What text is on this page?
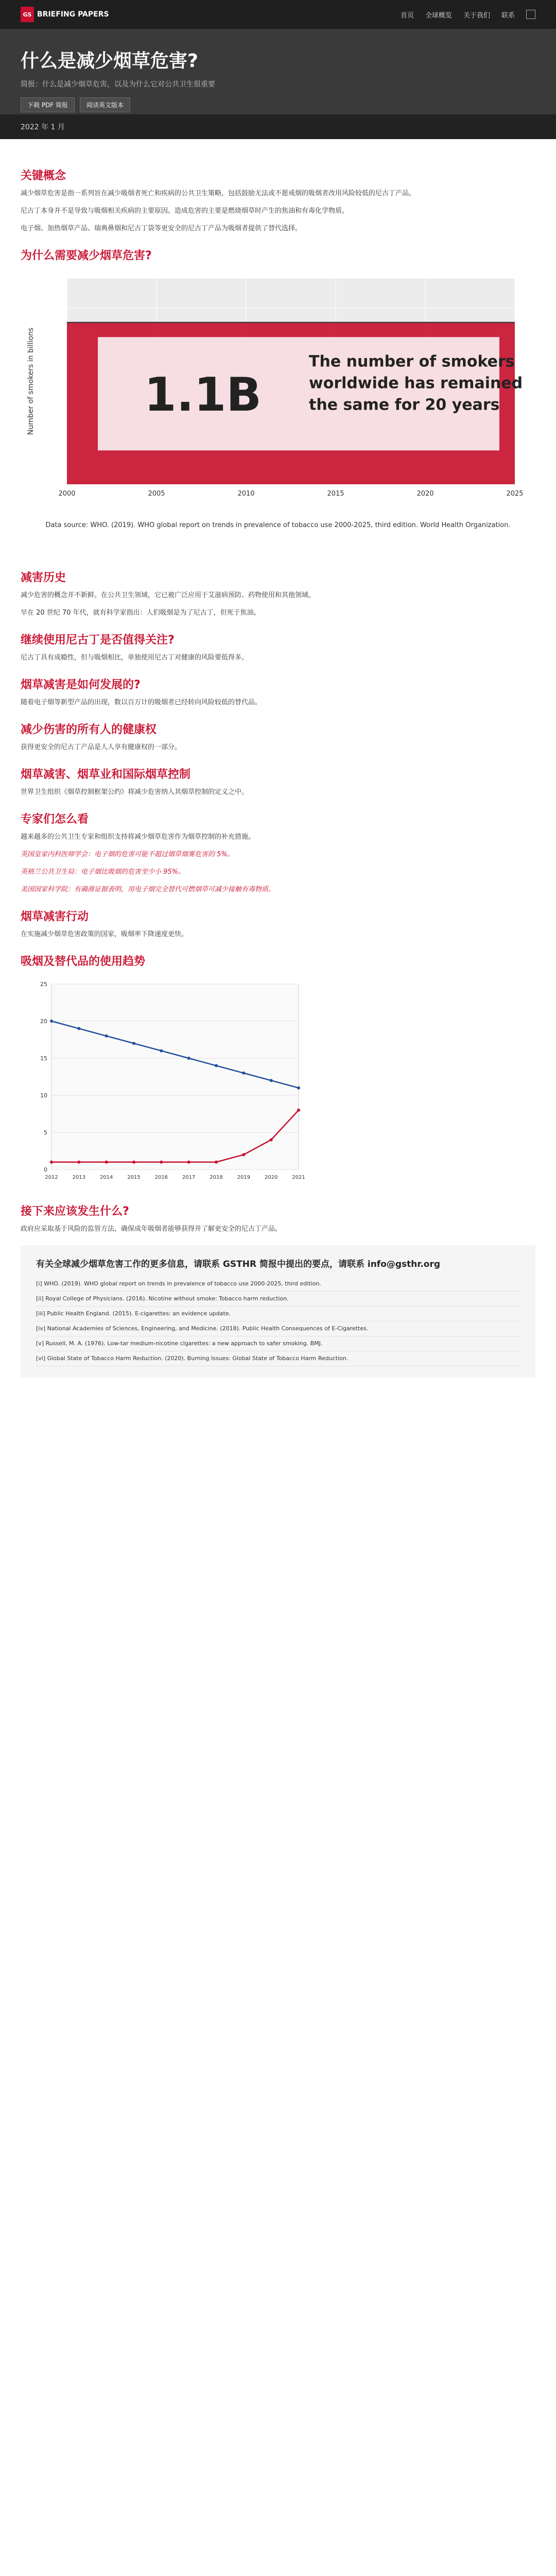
GS BRIEFING PAPERS	首页 全球概览 关于我们 联系
什么是减少烟草危害?
简报：什么是减少烟草危害，以及为什么它对公共卫生很重要
下载 PDF 简报	阅读英文版本
2022 年 1 月
关键概念

减少烟草危害是指一系列旨在减少吸烟者死亡和疾病的公共卫生策略，包括鼓励无法或不愿戒烟的吸烟者改用风险较低的尼古丁产品。

尼古丁本身并不是导致与吸烟相关疾病的主要原因。造成危害的主要是燃烧烟草时产生的焦油和有毒化学物质。

电子烟、加热烟草产品、瑞典鼻烟和尼古丁袋等更安全的尼古丁产品为吸烟者提供了替代选择。

为什么需要减少烟草危害?
2000	2005	2010	2015	2020	2025
Number of smokers in billions 1.1B
The number of smokers
worldwide has remained
the same for 20 years
Data source: WHO. (2019). WHO global report on trends in prevalence of tobacco use 2000-2025, third edition. World Health Organization.
减害历史

减少危害的概念并不新鲜。在公共卫生领域，它已被广泛应用于艾滋病预防、药物使用和其他领域。

早在 20 世纪 70 年代，就有科学家指出：人们吸烟是为了尼古丁，但死于焦油。

继续使用尼古丁是否值得关注?

尼古丁具有成瘾性，但与吸烟相比，单独使用尼古丁对健康的风险要低得多。

烟草减害是如何发展的?

随着电子烟等新型产品的出现，数以百万计的吸烟者已经转向风险较低的替代品。

减少伤害的所有人的健康权

获得更安全的尼古丁产品是人人享有健康权的一部分。

烟草减害、烟草业和国际烟草控制

世界卫生组织《烟草控制框架公约》将减少危害纳入其烟草控制的定义之中。

专家们怎么看

越来越多的公共卫生专家和组织支持将减少烟草危害作为烟草控制的补充措施。

英国皇家内科医师学会：电子烟的危害可能不超过烟草烟雾危害的 5%。

英格兰公共卫生局：电子烟比吸烟的危害至少小 95%。

美国国家科学院：有确凿证据表明，用电子烟完全替代可燃烟草可减少接触有毒物质。

烟草减害行动

在实施减少烟草危害政策的国家，吸烟率下降速度更快。

吸烟及替代品的使用趋势
0
5
10
15
20
25
2012	2013	2014	2015	2016	2017	2018	2019	2020	2021
接下来应该发生什么?

政府应采取基于风险的监管方法，确保成年吸烟者能够获得并了解更安全的尼古丁产品。

有关全球减少烟草危害工作的更多信息，请联系 GSTHR 简报中提出的要点，请联系 info@gsthr.org
[i] WHO. (2019). WHO global report on trends in prevalence of tobacco use 2000-2025, third edition.
[ii] Royal College of Physicians. (2016). Nicotine without smoke: Tobacco harm reduction.
[iii] Public Health England. (2015). E-cigarettes: an evidence update.
[iv] National Academies of Sciences, Engineering, and Medicine. (2018). Public Health Consequences of E-Cigarettes.
[v] Russell, M. A. (1976). Low-tar medium-nicotine cigarettes: a new approach to safer smoking. BMJ.
[vi] Global State of Tobacco Harm Reduction. (2020). Burning Issues: Global State of Tobacco Harm Reduction.
